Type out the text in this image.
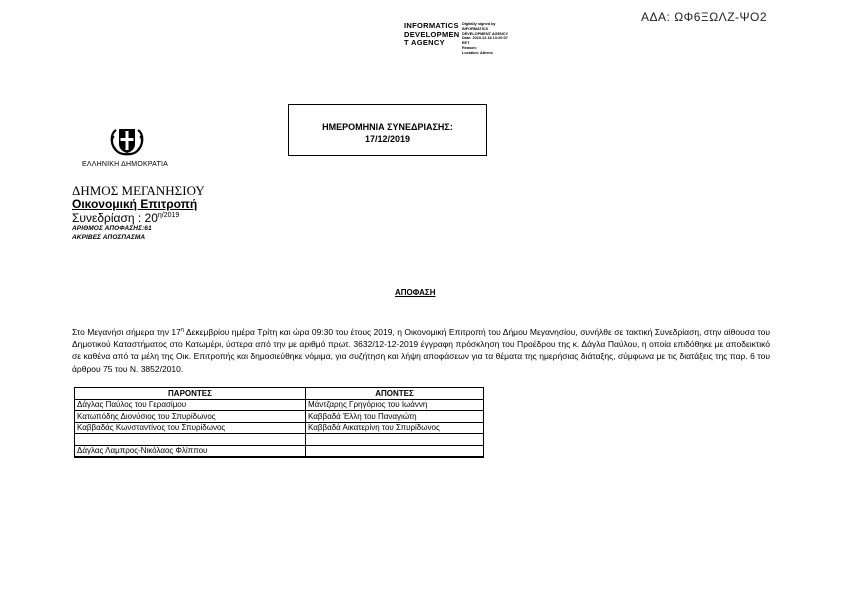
ΑΔΑ: ΩΦ6ΞΩΛΖ-ΨΟ2
INFORMATICS
DEVELOPMEN
T AGENCY
Digitally signed by
INFORMATICS
DEVELOPMENT AGENCY
Date: 2019.12.18 13:20:07
EET
Reason:
Location: Athens
ΗΜΕΡΟΜΗΝΙΑ ΣΥΝΕΔΡΙΑΣΗΣ:
17/12/2019
ΕΛΛΗΝΙΚΗ ΔΗΜΟΚΡΑΤΙΑ
ΔΗΜΟΣ ΜΕΓΑΝΗΣΙΟΥ
Οικονομική Επιτροπή
Συνεδρίαση : $20^{\eta/2019}$
ΑΡΙΘΜΟΣ ΑΠΟΦΑΣΗΣ:61
ΑΚΡΙΒΕΣ ΑΠΟΣΠΑΣΜΑ
ΑΠΟΦΑΣΗ
Στο Μεγανήσι σήμερα την $17^\eta$ Δεκεμβρίου ημέρα Τρίτη και ώρα 09:30 του έτους 2019, η Οικονομική Επιτροπή του Δήμου Μεγανησίου, συνήλθε σε τακτική Συνεδρίαση, στην αίθουσα του Δημοτικού Καταστήματος στο Κατωμέρι, ύστερα από την με αριθμό πρωτ. 3632/12-12-2019 έγγραφη πρόσκληση του Προέδρου της κ. Δάγλα Παύλου, η οποία επιδόθηκε με αποδεικτικό σε καθένα από τα μέλη της Οικ. Επιτροπής και δημοσιεύθηκε νόμιμα, για συζήτηση και λήψη αποφάσεων για τα θέματα της ημερήσιας διάταξης, σύμφωνα με τις διατάξεις της παρ. 6 του άρθρου 75 του Ν. 3852/2010.
ΠΑΡΟΝΤΕΣ	ΑΠΟΝΤΕΣ
Δάγλας Παύλος του Γερασίμου	Μάντζαρης Γρηγόριος του Ιωάννη
Κατωπόδης Διονύσιος του Σπυρίδωνος	Καββαδά Έλλη του Παναγιώτη
Καββαδάς Κωνσταντίνος του Σπυρίδωνος	Καββαδά Αικατερίνη του Σπυρίδωνος

Δάγλας Λαμπρος-Νικόλαος Φλίππου	
